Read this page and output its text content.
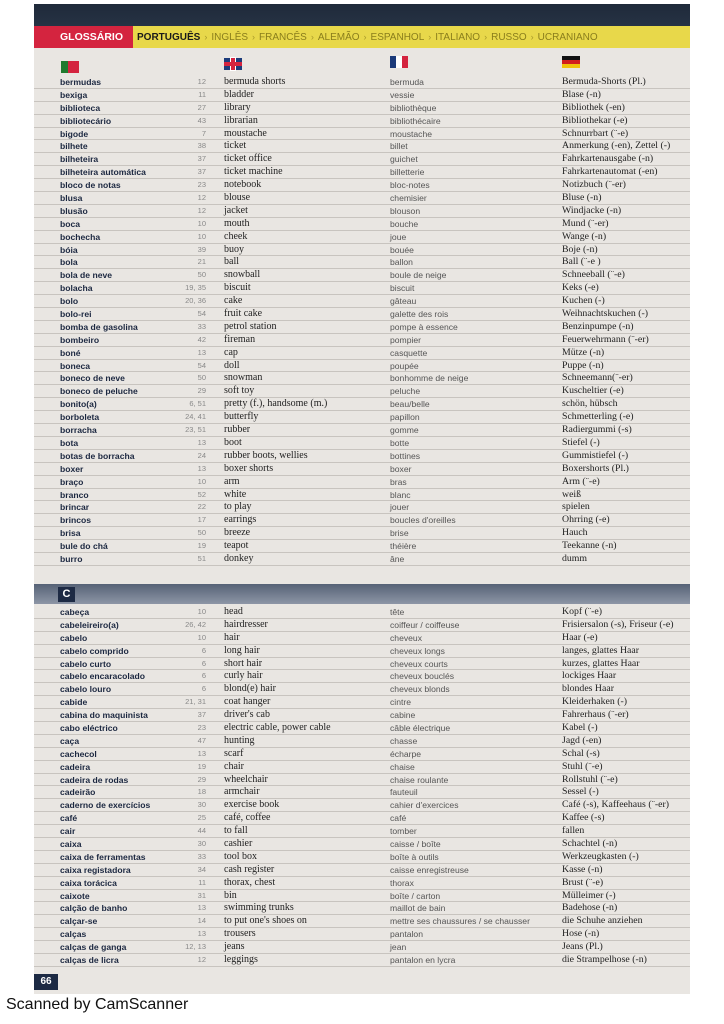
GLOSSÁRIO	PORTUGUÊS › INGLÊS › FRANCÊS › ALEMÃO › ESPANHOL › ITALIANO › RUSSO › UCRANIANO
bermudas	12 bermuda shorts	bermuda	Bermuda-Shorts (Pl.)
bexiga	11 bladder	vessie	Blase (-n)
biblioteca	27 library	bibliothèque	Bibliothek (-en)
bibliotecário	43 librarian	bibliothécaire	Bibliothekar (-e)
bigode	7 moustache	moustache	Schnurrbart (¨-e)
bilhete	38 ticket	billet	Anmerkung (-en), Zettel (-)
bilheteira	37 ticket office	guichet	Fahrkartenausgabe (-n)
bilheteira automática	37 ticket machine	billetterie	Fahrkartenautomat (-en)
bloco de notas	23 notebook	bloc-notes	Notizbuch (¨-er)
blusa	12 blouse	chemisier	Bluse (-n)
blusão	12 jacket	blouson	Windjacke (-n)
boca	10 mouth	bouche	Mund (¨-er)
bochecha	10 cheek	joue	Wange (-n)
bóia	39 buoy	bouée	Boje (-n)
bola	21 ball	ballon	Ball (¨-e )
bola de neve	50 snowball	boule de neige	Schneeball (¨-e)
bolacha	19, 35 biscuit	biscuit	Keks (-e)
bolo	20, 36 cake	gâteau	Kuchen (-)
bolo-rei	54 fruit cake	galette des rois	Weihnachtskuchen (-)
bomba de gasolina	33 petrol station	pompe à essence	Benzinpumpe (-n)
bombeiro	42 fireman	pompier	Feuerwehrmann (¨-er)
boné	13 cap	casquette	Mütze (-n)
boneca	54 doll	poupée	Puppe (-n)
boneco de neve	50 snowman	bonhomme de neige	Schneemann(¨-er)
boneco de peluche	29 soft toy	peluche	Kuscheltier (-e)
bonito(a)	6, 51 pretty (f.), handsome (m.)	beau/belle	schön, hübsch
borboleta	24, 41 butterfly	papillon	Schmetterling (-e)
borracha	23, 51 rubber	gomme	Radiergummi (-s)
bota	13 boot	botte	Stiefel (-)
botas de borracha	24 rubber boots, wellies	bottines	Gummistiefel (-)
boxer	13 boxer shorts	boxer	Boxershorts (Pl.)
braço	10 arm	bras	Arm (¨-e)
branco	52 white	blanc	weiß
brincar	22 to play	jouer	spielen
brincos	17 earrings	boucles d'oreilles	Ohrring (-e)
brisa	50 breeze	brise	Hauch
bule do chá	19 teapot	théière	Teekanne (-n)
burro	51 donkey	âne	dumm
C
cabeça	10 head	tête	Kopf (¨-e)
cabeleireiro(a)	26, 42 hairdresser	coiffeur / coiffeuse	Frisiersalon (-s), Friseur (-e)
cabelo	10 hair	cheveux	Haar (-e)
cabelo comprido	6 long hair	cheveux longs	langes, glattes Haar
cabelo curto	6 short hair	cheveux courts	kurzes, glattes Haar
cabelo encaracolado	6 curly hair	cheveux bouclés	lockiges Haar
cabelo louro	6 blond(e) hair	cheveux blonds	blondes Haar
cabide	21, 31 coat hanger	cintre	Kleiderhaken (-)
cabina do maquinista	37 driver's cab	cabine	Fahrerhaus (¨-er)
cabo eléctrico	23 electric cable, power cable	câble électrique	Kabel (-)
caça	47 hunting	chasse	Jagd (-en)
cachecol	13 scarf	écharpe	Schal (-s)
cadeira	19 chair	chaise	Stuhl (¨-e)
cadeira de rodas	29 wheelchair	chaise roulante	Rollstuhl (¨-e)
cadeirão	18 armchair	fauteuil	Sessel (-)
caderno de exercícios	30 exercise book	cahier d'exercices	Café (-s), Kaffeehaus (¨-er)
café	25 café, coffee	café	Kaffee (-s)
cair	44 to fall	tomber	fallen
caixa	30 cashier	caisse / boîte	Schachtel (-n)
caixa de ferramentas	33 tool box	boîte à outils	Werkzeugkasten (-)
caixa registadora	34 cash register	caisse enregistreuse	Kasse (-n)
caixa torácica	11 thorax, chest	thorax	Brust (¨-e)
caixote	31 bin	boîte / carton	Mülleimer (-)
calção de banho	13 swimming trunks	maillot de bain	Badehose (-n)
calçar-se	14 to put one's shoes on	mettre ses chaussures / se chausser	die Schuhe anziehen
calças	13 trousers	pantalon	Hose (-n)
calças de ganga	12, 13 jeans	jean	Jeans (Pl.)
calças de licra	12 leggings	pantalon en lycra	die Strampelhose (-n)
66
Scanned by CamScanner
